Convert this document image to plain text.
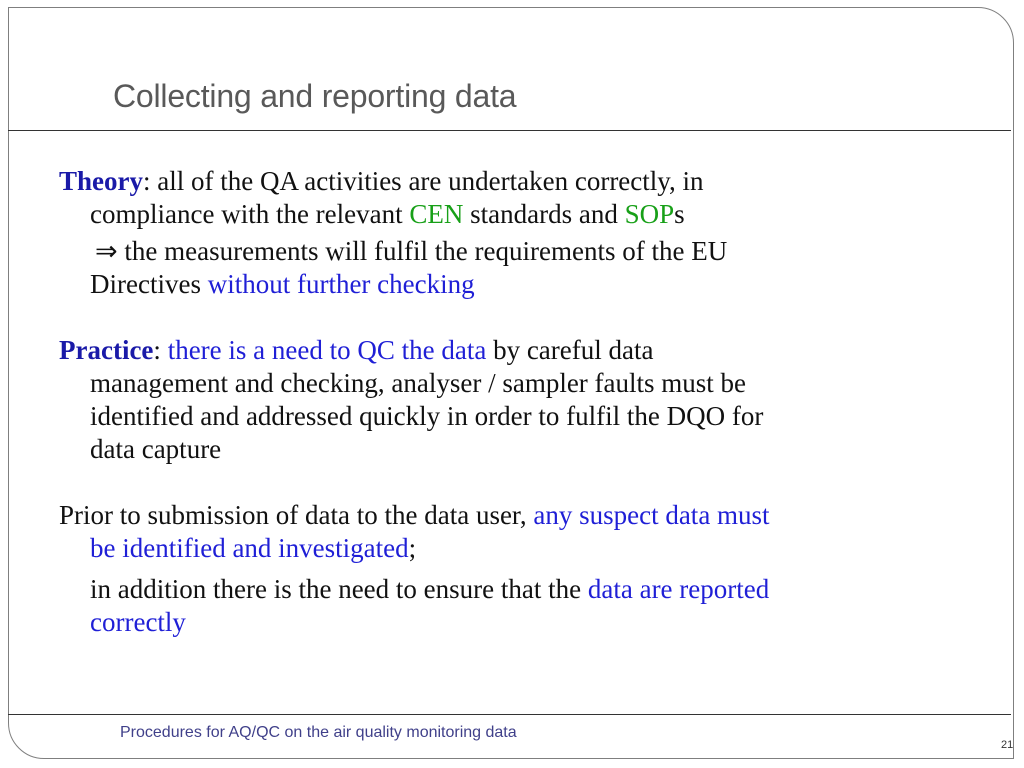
Collecting and reporting data
Theory: all of the QA activities are undertaken correctly, in
compliance with the relevant CEN standards and SOPs
⇒ the measurements will fulfil the requirements of the EU
Directives without further checking
Practice: there is a need to QC the data by careful data
management and checking, analyser / sampler faults must be
identified and addressed quickly in order to fulfil the DQO for
data capture
Prior to submission of data to the data user, any suspect data must
be identified and investigated;
in addition there is the need to ensure that the data are reported
correctly
Procedures for AQ/QC on the air quality monitoring data
21
